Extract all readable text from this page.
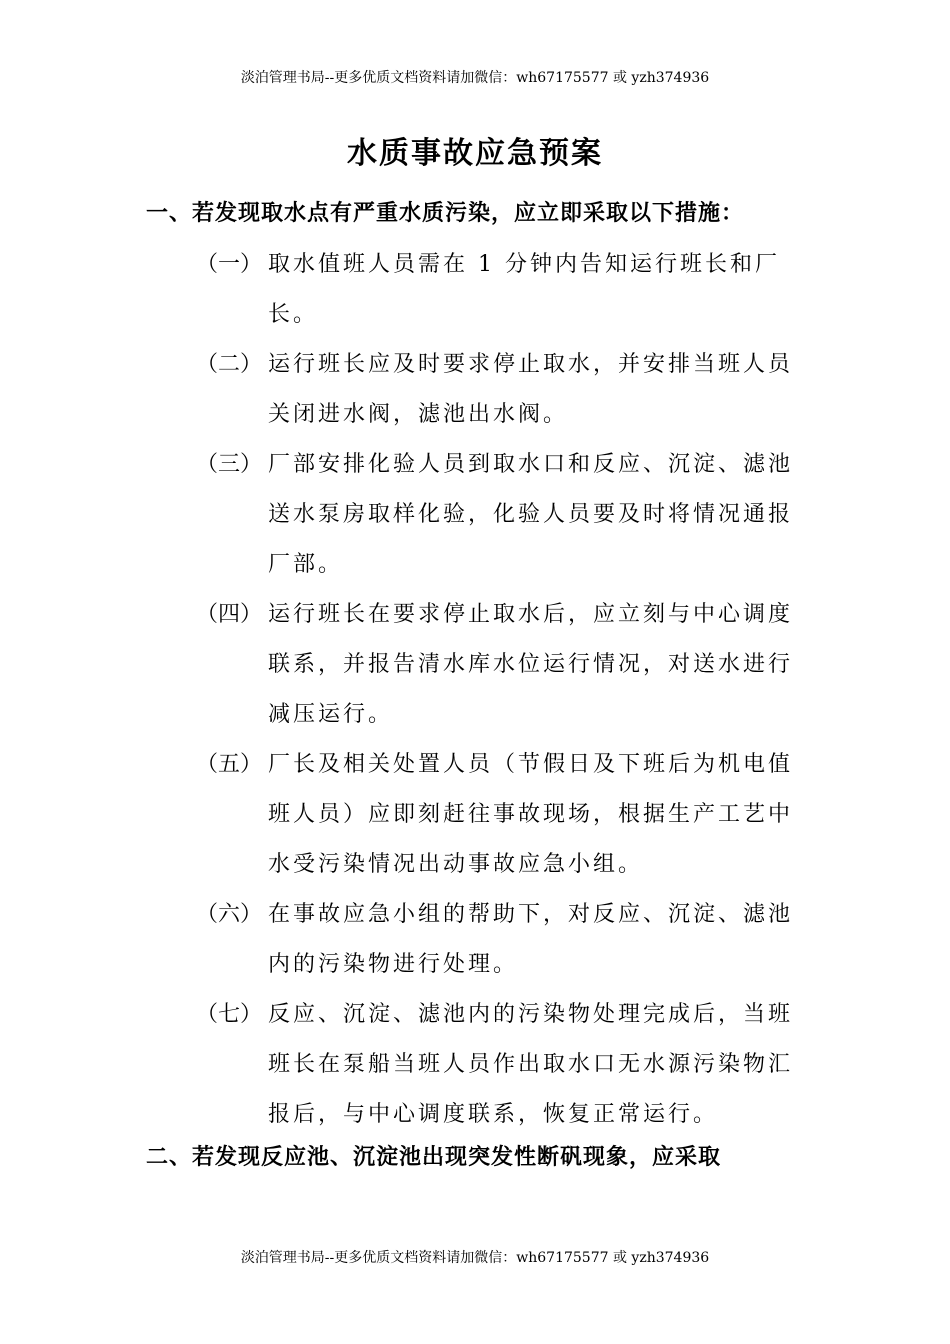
淡泊管理书局--更多优质文档资料请加微信：wh67175577 或 yzh374936
水质事故应急预案
一、若发现取水点有严重水质污染，应立即采取以下措施：
（一） 取水值班人员需在 1 分钟内告知运行班长和厂长。
（二） 运行班长应及时要求停止取水，并安排当班人员关闭进水阀，滤池出水阀。
（三） 厂部安排化验人员到取水口和反应、沉淀、滤池送水泵房取样化验，化验人员要及时将情况通报厂部。
（四） 运行班长在要求停止取水后，应立刻与中心调度联系，并报告清水库水位运行情况，对送水进行减压运行。
（五） 厂长及相关处置人员（节假日及下班后为机电值班人员）应即刻赶往事故现场，根据生产工艺中水受污染情况出动事故应急小组。
（六） 在事故应急小组的帮助下，对反应、沉淀、滤池内的污染物进行处理。
（七） 反应、沉淀、滤池内的污染物处理完成后，当班班长在泵船当班人员作出取水口无水源污染物汇报后，与中心调度联系，恢复正常运行。
二、若发现反应池、沉淀池出现突发性断矾现象，应采取
淡泊管理书局--更多优质文档资料请加微信：wh67175577 或 yzh374936
